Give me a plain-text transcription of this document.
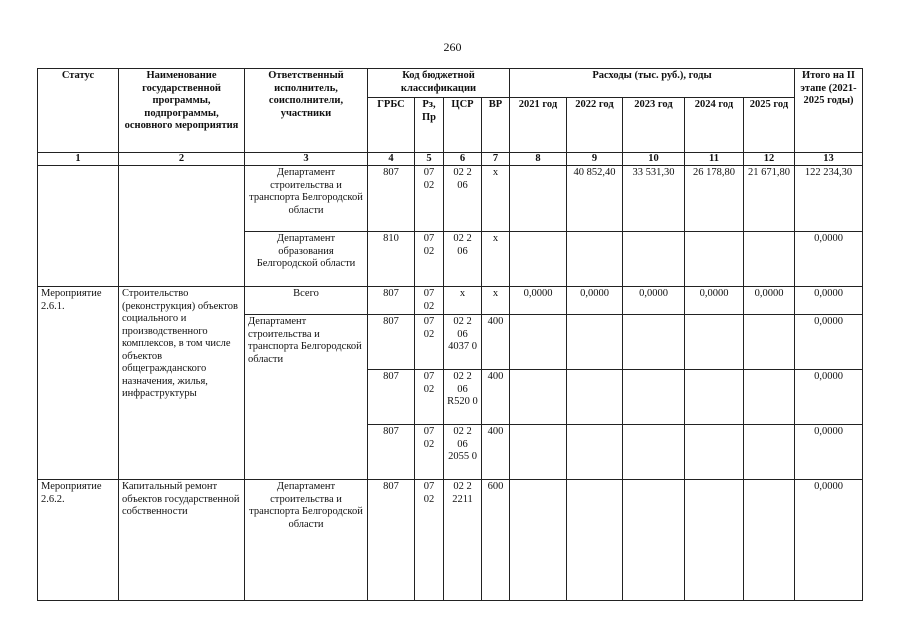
260
Статус	Наименование государственной программы, подпрограммы, основного мероприятия	Ответственный исполнитель, соисполнители, участники	Код бюджетной классификации				Расходы (тыс. руб.), годы					Итого на II этапе (2021-2025 годы)
			ГРБС	Рз, Пр	ЦСР	ВР	2021 год	2022 год	2023 год	2024 год	2025 год	
1	2	3	4	5	6	7	8	9	10	11	12	13
		Департамент строительства и транспорта Белгородской области	807	07 02	02 2 06	х		40 852,40	33 531,30	26 178,80	21 671,80	122 234,30
		Департамент образования Белгородской области	810	07 02	02 2 06	х						0,0000
Мероприятие 2.6.1.	Строительство (реконструкция) объектов социального и производственного комплексов, в том числе объектов общегражданского назначения, жилья, инфраструктуры	Всего	807	07 02	х	х	0,0000	0,0000	0,0000	0,0000	0,0000	0,0000
		Департамент строительства и транспорта Белгородской области	807	07 02	02 2 06 4037 0	400						0,0000
			807	07 02	02 2 06 R520 0	400						0,0000
			807	07 02	02 2 06 2055 0	400						0,0000
Мероприятие 2.6.2.	Капитальный ремонт объектов государственной собственности	Департамент строительства и транспорта Белгородской области	807	07 02	02 2 2211	600						0,0000
